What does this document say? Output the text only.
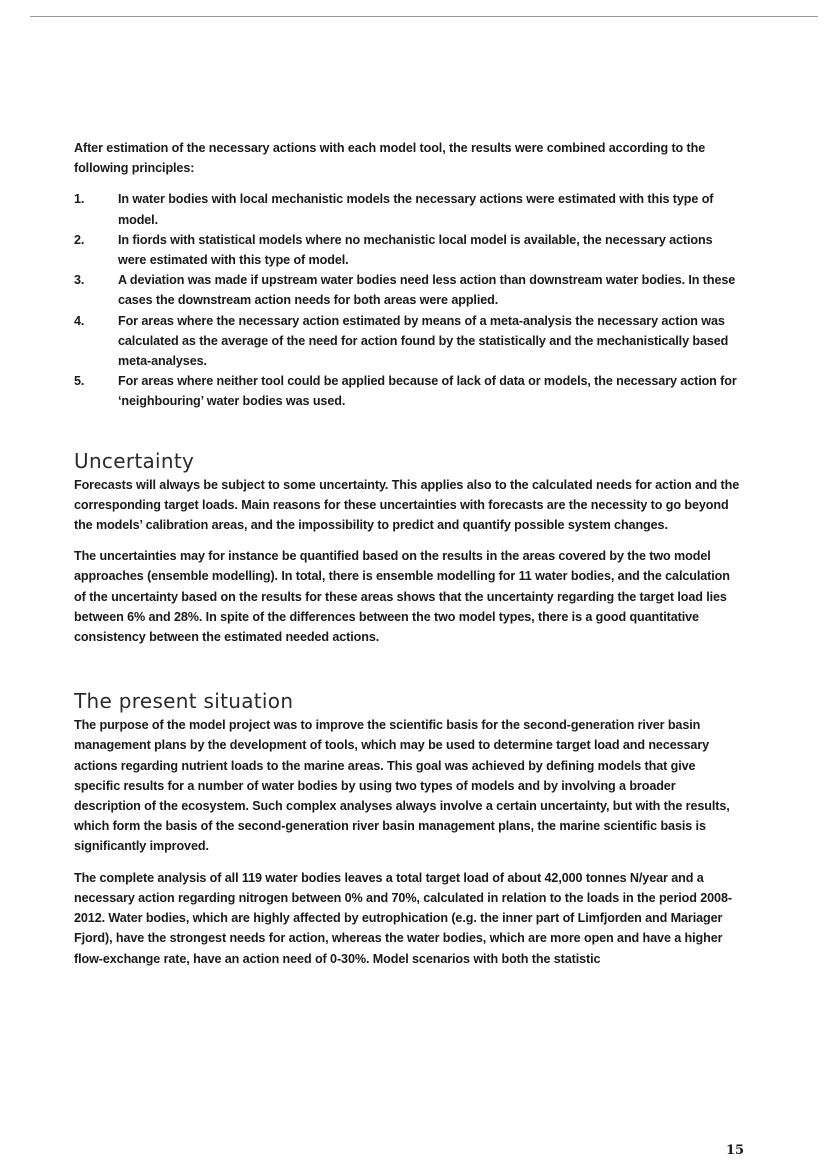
After estimation of the necessary actions with each model tool, the results were combined according to the following principles:

1.	In water bodies with local mechanistic models the necessary actions were estimated with this type of model.
2.	In fiords with statistical models where no mechanistic local model is available, the necessary actions were estimated with this type of model.
3.	A deviation was made if upstream water bodies need less action than downstream water bodies. In these cases the downstream action needs for both areas were applied.
4.	For areas where the necessary action estimated by means of a meta-analysis the necessary action was calculated as the average of the need for action found by the statistically and the mechanistically based meta-analyses.
5.	For areas where neither tool could be applied because of lack of data or models, the necessary action for ‘neighbouring’ water bodies was used.
Uncertainty

Forecasts will always be subject to some uncertainty. This applies also to the calculated needs for action and the corresponding target loads. Main reasons for these uncertainties with forecasts are the necessity to go beyond the models’ calibration areas, and the impossibility to predict and quantify possible system changes.

The uncertainties may for instance be quantified based on the results in the areas covered by the two model approaches (ensemble modelling). In total, there is ensemble modelling for 11 water bodies, and the calculation of the uncertainty based on the results for these areas shows that the uncertainty regarding the target load lies between 6% and 28%. In spite of the differences between the two model types, there is a good quantitative consistency between the estimated needed actions.

The present situation

The purpose of the model project was to improve the scientific basis for the second-generation river basin management plans by the development of tools, which may be used to determine target load and necessary actions regarding nutrient loads to the marine areas. This goal was achieved by defining models that give specific results for a number of water bodies by using two types of models and by involving a broader description of the ecosystem. Such complex analyses always involve a certain uncertainty, but with the results, which form the basis of the second-generation river basin management plans, the marine scientific basis is significantly improved.

The complete analysis of all 119 water bodies leaves a total target load of about 42,000 tonnes N/year and a necessary action regarding nitrogen between 0% and 70%, calculated in relation to the loads in the period 2008-2012. Water bodies, which are highly affected by eutrophication (e.g. the inner part of Limfjorden and Mariager Fjord), have the strongest needs for action, whereas the water bodies, which are more open and have a higher flow-exchange rate, have an action need of 0-30%. Model scenarios with both the statistic

15
